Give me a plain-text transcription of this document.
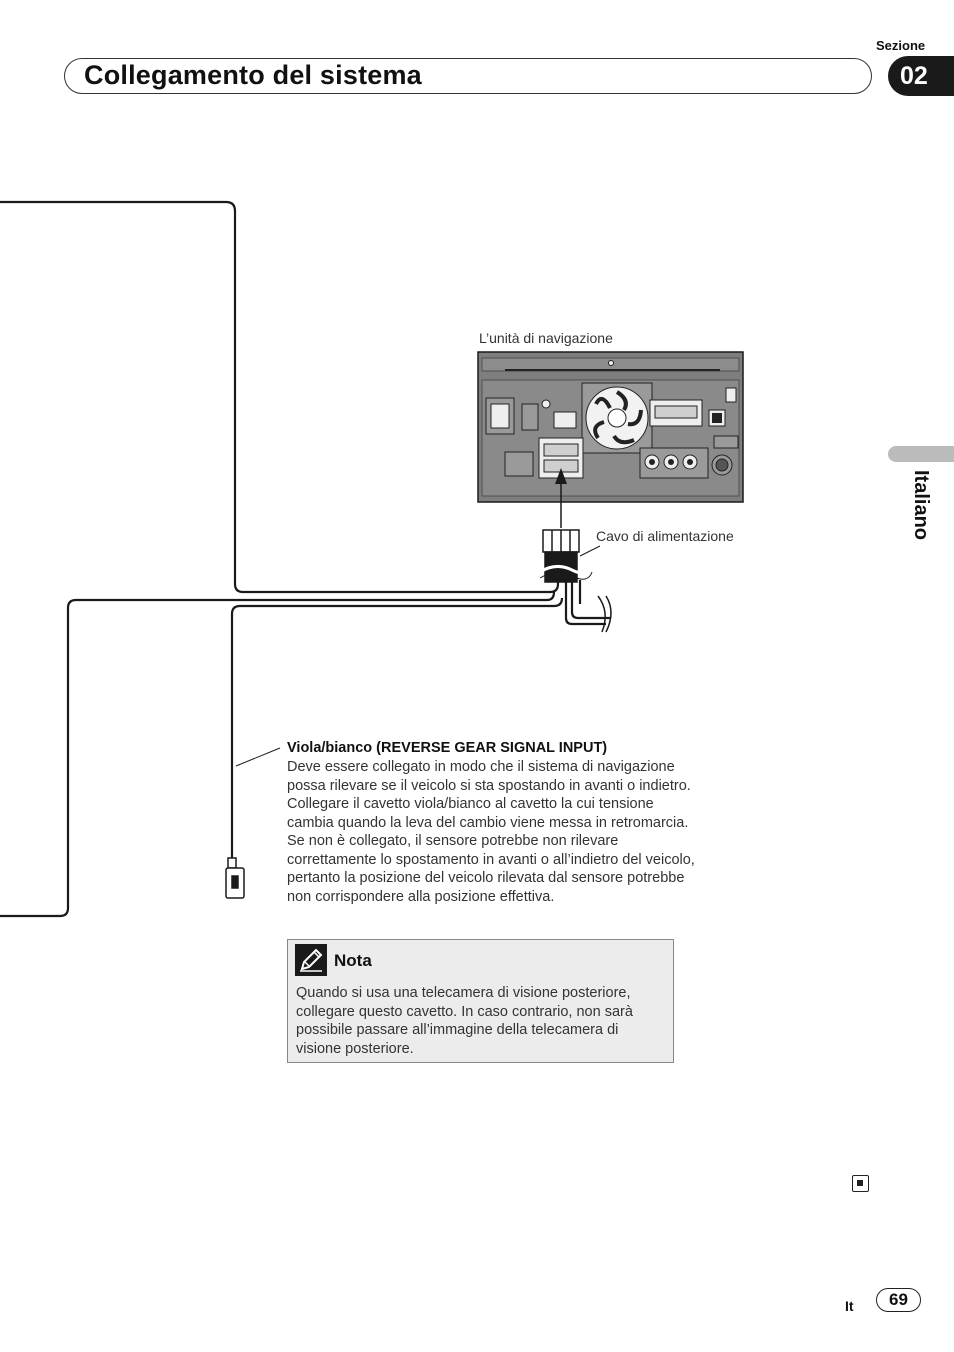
Sezione
Collegamento del sistema	02
Italiano
L’unità di navigazione
Cavo di alimentazione
Viola/bianco (REVERSE GEAR SIGNAL INPUT)
Deve essere collegato in modo che il sistema di navigazione
possa rilevare se il veicolo si sta spostando in avanti o indietro.
Collegare il cavetto viola/bianco al cavetto la cui tensione
cambia quando la leva del cambio viene messa in retromarcia.
Se non è collegato, il sensore potrebbe non rilevare
correttamente lo spostamento in avanti o all’indietro del veicolo,
pertanto la posizione del veicolo rilevata dal sensore potrebbe
non corrispondere alla posizione effettiva.
Nota
Quando si usa una telecamera di visione posteriore,
collegare questo cavetto. In caso contrario, non sarà
possibile passare all’immagine della telecamera di
visione posteriore.
It	69
